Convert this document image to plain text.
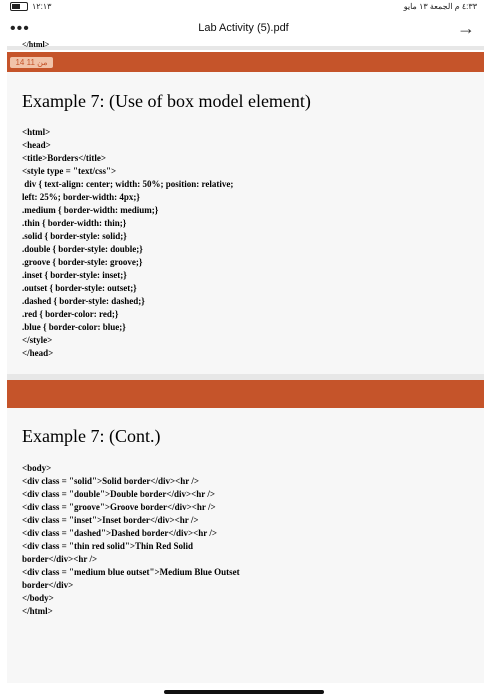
١٢:١٣	٤:٣٣ م الجمعة ١٣ مايو
•••	Lab Activity (5).pdf	→
</html>
14 من 11
Example 7: (Use of box model element)
<html>
<head>
<title>Borders</title>
<style type = "text/css">
div { text-align: center; width: 50%; position: relative;
left: 25%; border-width: 4px;}
.medium { border-width: medium;}
.thin { border-width: thin;}
.solid { border-style: solid;}
.double { border-style: double;}
.groove { border-style: groove;}
.inset { border-style: inset;}
.outset { border-style: outset;}
.dashed { border-style: dashed;}
.red { border-color: red;}
.blue { border-color: blue;}
</style>
</head>
Example 7: (Cont.)
<body>
<div class = "solid">Solid border</div><hr />
<div class = "double">Double border</div><hr />
<div class = "groove">Groove border</div><hr />
<div class = "inset">Inset border</div><hr />
<div class = "dashed">Dashed border</div><hr />
<div class = "thin red solid">Thin Red Solid
border</div><hr />
<div class = "medium blue outset">Medium Blue Outset
border</div>
</body>
</html>
